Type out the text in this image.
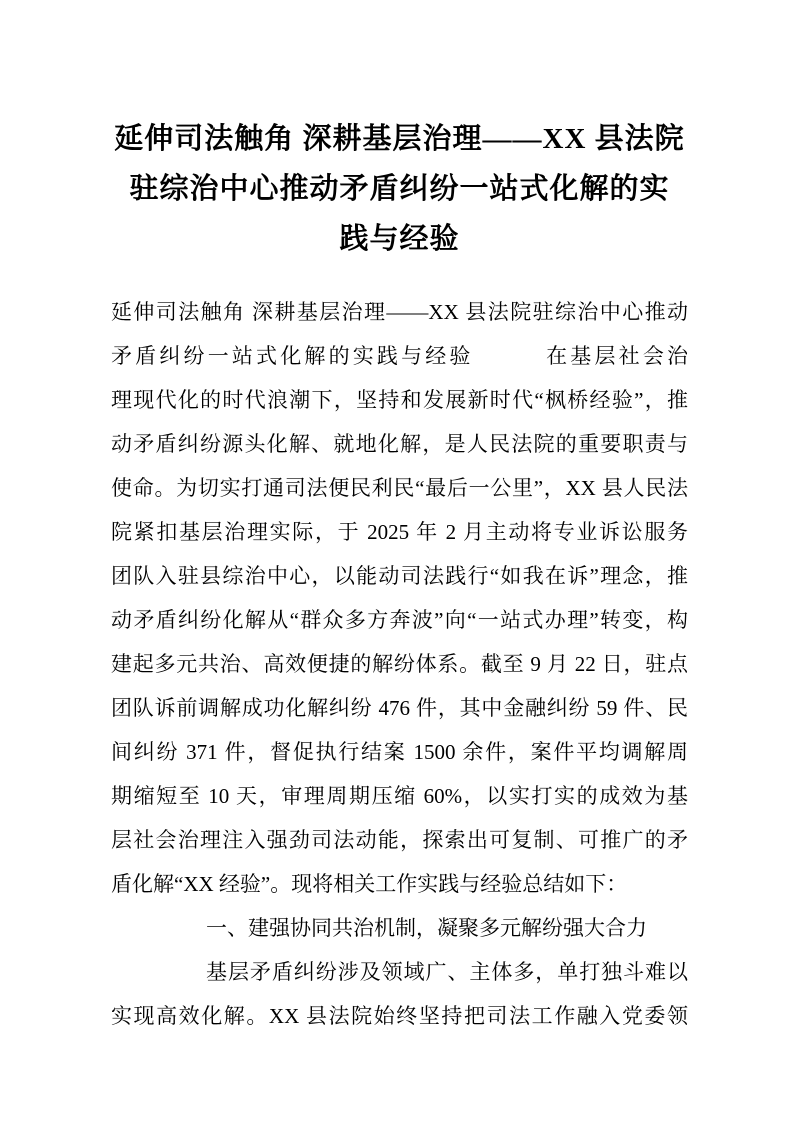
延伸司法触角 深耕基层治理——XX 县法院
驻综治中心推动矛盾纠纷一站式化解的实
践与经验
延伸司法触角 深耕基层治理——XX 县法院驻综治中心推动
矛盾纠纷一站式化解的实践与经验　　　在基层社会治
理现代化的时代浪潮下，坚持和发展新时代“枫桥经验”，推
动矛盾纠纷源头化解、就地化解，是人民法院的重要职责与
使命。为切实打通司法便民利民“最后一公里”，XX 县人民法
院紧扣基层治理实际，于 2025 年 2 月主动将专业诉讼服务
团队入驻县综治中心，以能动司法践行“如我在诉”理念，推
动矛盾纠纷化解从“群众多方奔波”向“一站式办理”转变，构
建起多元共治、高效便捷的解纷体系。截至 9 月 22 日，驻点
团队诉前调解成功化解纠纷 476 件，其中金融纠纷 59 件、民
间纠纷 371 件，督促执行结案 1500 余件，案件平均调解周
期缩短至 10 天，审理周期压缩 60%，以实打实的成效为基
层社会治理注入强劲司法动能，探索出可复制、可推广的矛
盾化解“XX 经验”。现将相关工作实践与经验总结如下：
一、建强协同共治机制，凝聚多元解纷强大合力
基层矛盾纠纷涉及领域广、主体多，单打独斗难以
实现高效化解。XX 县法院始终坚持把司法工作融入党委领
